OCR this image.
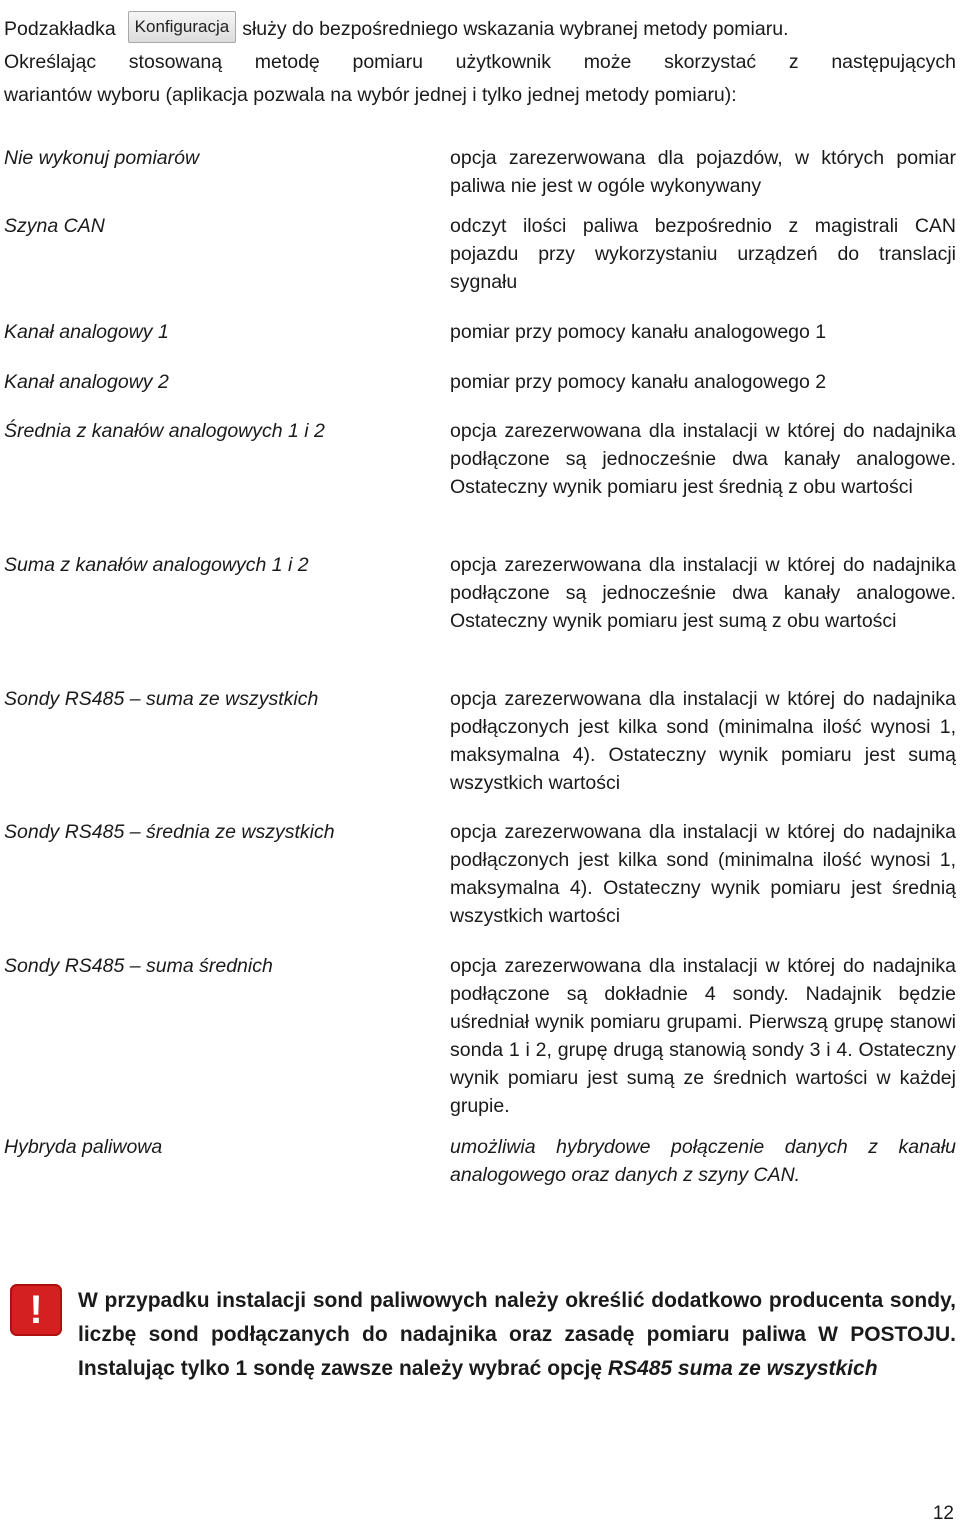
Podzakładka Konfiguracja służy do bezpośredniego wskazania wybranej metody pomiaru.
Określając stosowaną metodę pomiaru użytkownik może skorzystać z następujących
wariantów wyboru (aplikacja pozwala na wybór jednej i tylko jednej metody pomiaru):
Nie wykonuj pomiarów	opcja zarezerwowana dla pojazdów, w których pomiar paliwa nie jest w ogóle wykonywany
Szyna CAN	odczyt ilości paliwa bezpośrednio z magistrali CAN pojazdu przy wykorzystaniu urządzeń do translacji sygnału
Kanał analogowy 1	pomiar przy pomocy kanału analogowego 1
Kanał analogowy 2	pomiar przy pomocy kanału analogowego 2
Średnia z kanałów analogowych 1 i 2	opcja zarezerwowana dla instalacji w której do nadajnika podłączone są jednocześnie dwa kanały analogowe. Ostateczny wynik pomiaru jest średnią z obu wartości
Suma z kanałów analogowych 1 i 2	opcja zarezerwowana dla instalacji w której do nadajnika podłączone są jednocześnie dwa kanały analogowe. Ostateczny wynik pomiaru jest sumą z obu wartości
Sondy RS485 – suma ze wszystkich	opcja zarezerwowana dla instalacji w której do nadajnika podłączonych jest kilka sond (minimalna ilość wynosi 1, maksymalna 4). Ostateczny wynik pomiaru jest sumą wszystkich wartości
Sondy RS485 – średnia ze wszystkich	opcja zarezerwowana dla instalacji w której do nadajnika podłączonych jest kilka sond (minimalna ilość wynosi 1, maksymalna 4). Ostateczny wynik pomiaru jest średnią wszystkich wartości
Sondy RS485 – suma średnich	opcja zarezerwowana dla instalacji w której do nadajnika podłączone są dokładnie 4 sondy. Nadajnik będzie uśredniał wynik pomiaru grupami. Pierwszą grupę stanowi sonda 1 i 2, grupę drugą stanowią sondy 3 i 4. Ostateczny wynik pomiaru jest sumą ze średnich wartości w każdej grupie.
Hybryda paliwowa	umożliwia hybrydowe połączenie danych z kanału analogowego oraz danych z szyny CAN.
!	W przypadku instalacji sond paliwowych należy określić dodatkowo producenta sondy, liczbę sond podłączanych do nadajnika oraz zasadę pomiaru paliwa W POSTOJU. Instalując tylko 1 sondę zawsze należy wybrać opcję RS485 suma ze wszystkich
12
